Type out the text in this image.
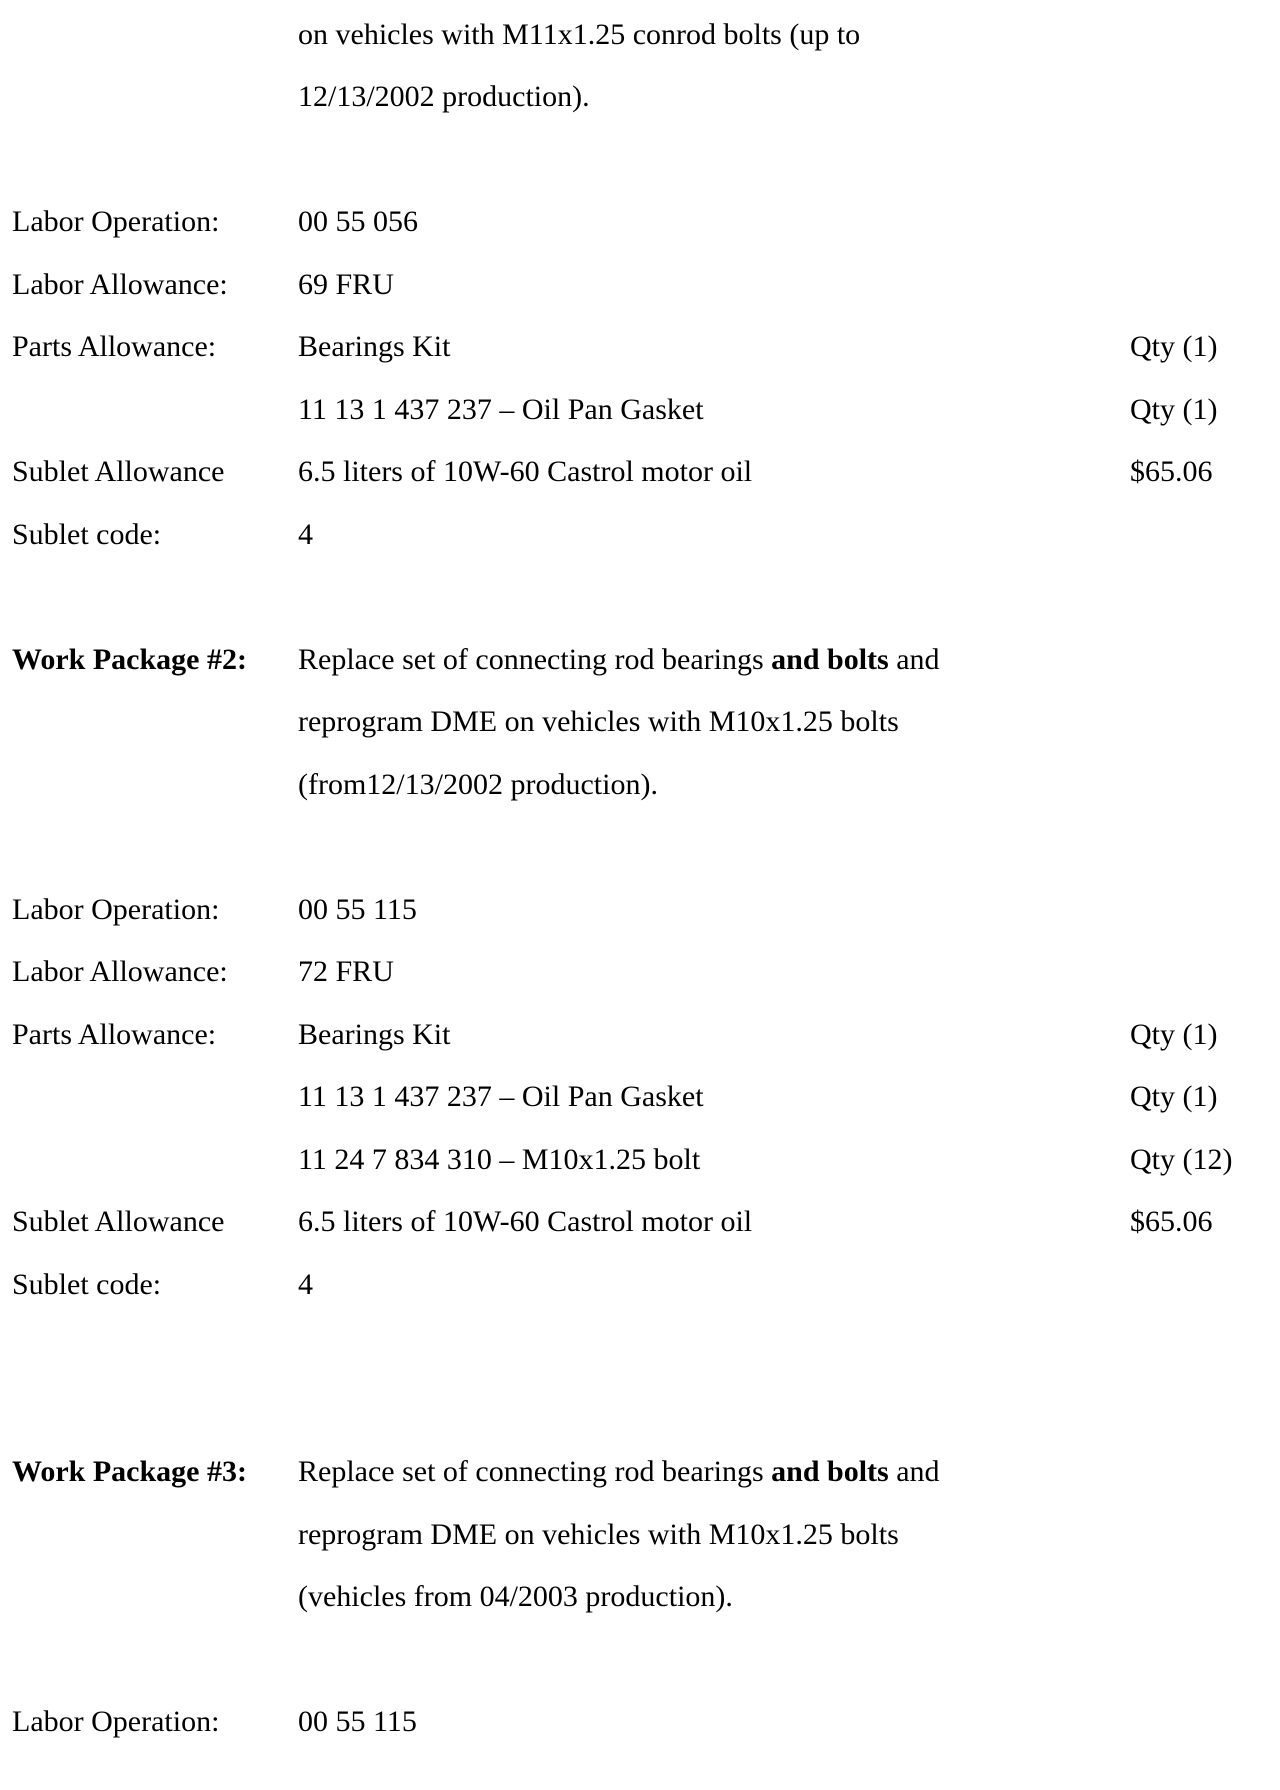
on vehicles with M11x1.25 conrod bolts (up to
12/13/2002 production).
Labor Operation:	00 55 056
Labor Allowance: 69 FRU
Parts Allowance:	Bearings Kit	Qty (1)
11 13 1 437 237 – Oil Pan Gasket	Qty (1)
Sublet Allowance 6.5 liters of 10W-60 Castrol motor oil	$65.06
Sublet code:	4
Work Package #2: Replace set of connecting rod bearings and bolts and
reprogram DME on vehicles with M10x1.25 bolts
(from12/13/2002 production).
Labor Operation:	00 55 115
Labor Allowance: 72 FRU
Parts Allowance:	Bearings Kit	Qty (1)
11 13 1 437 237 – Oil Pan Gasket	Qty (1)
11 24 7 834 310 – M10x1.25 bolt	Qty (12)
Sublet Allowance 6.5 liters of 10W-60 Castrol motor oil	$65.06
Sublet code:	4
Work Package #3: Replace set of connecting rod bearings and bolts and
reprogram DME on vehicles with M10x1.25 bolts
(vehicles from 04/2003 production).
Labor Operation:	00 55 115
